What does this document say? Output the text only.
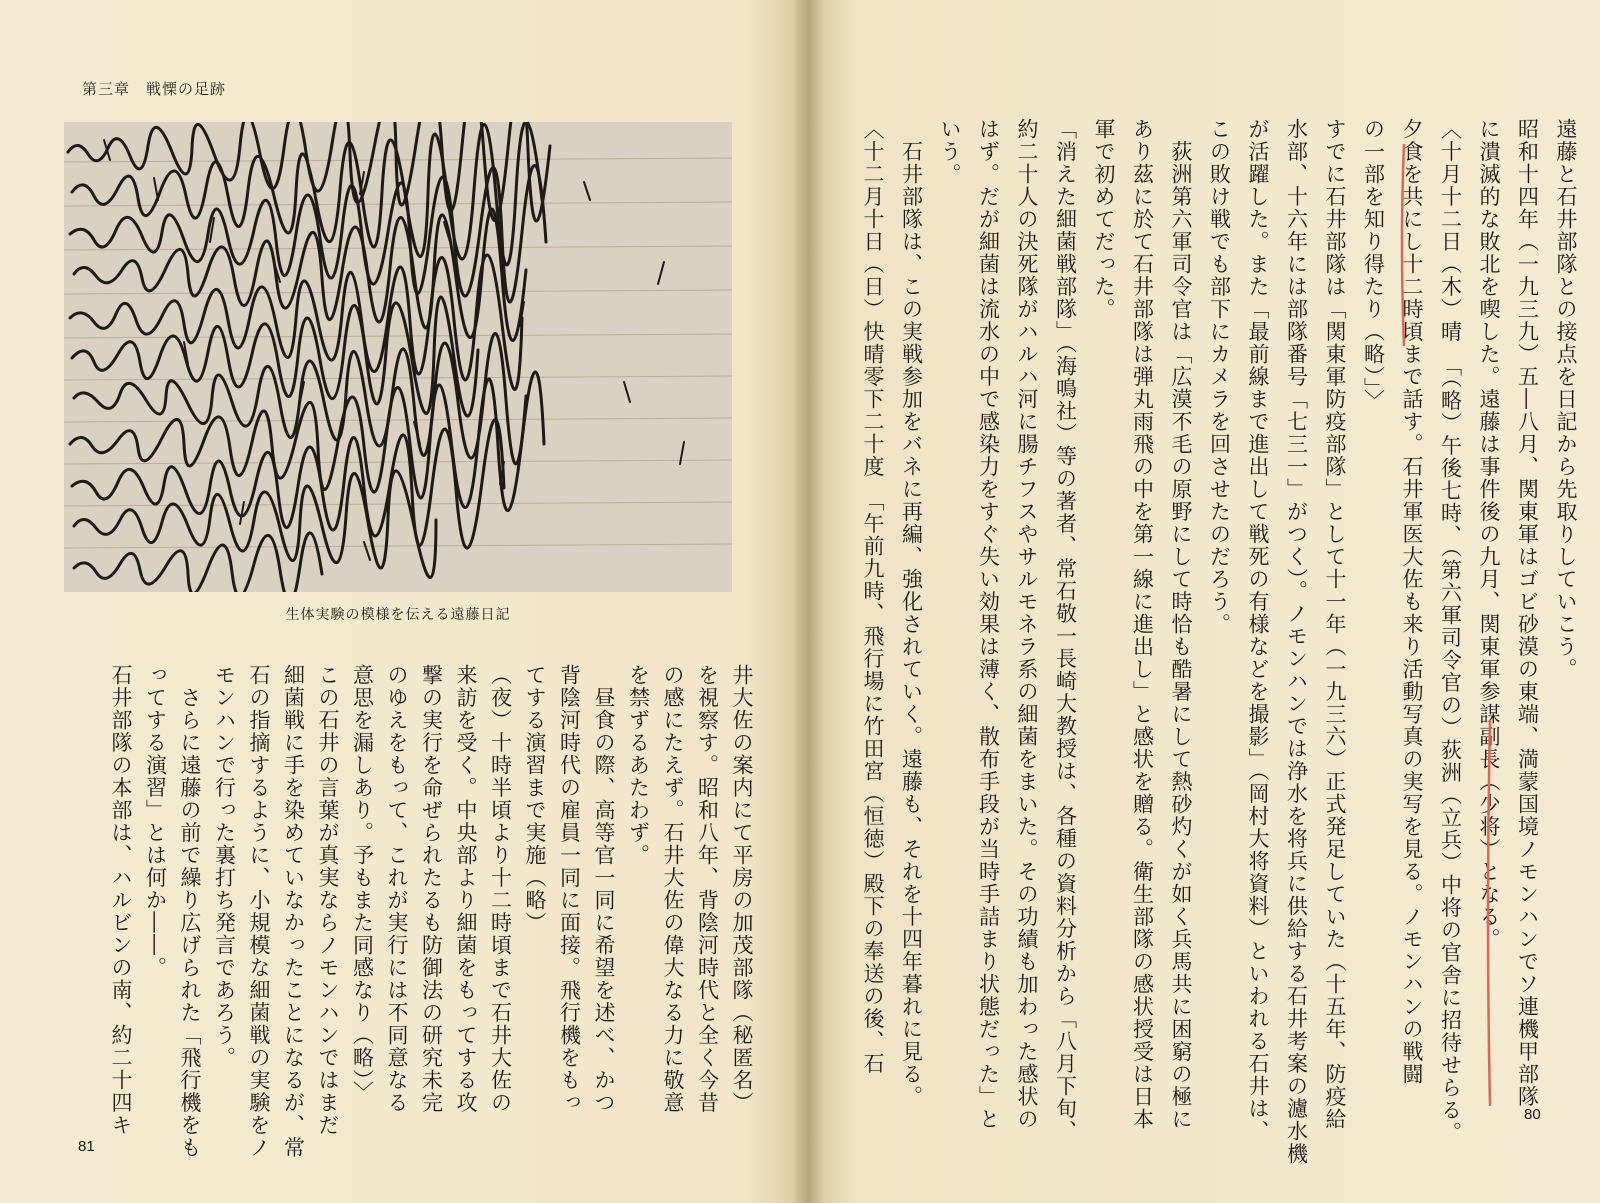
第三章　戦慄の足跡
生体実験の模様を伝える遠藤日記
井大佐の案内にて平房の加茂部隊（秘匿名）
を視察す。昭和八年、背陰河時代と全く今昔
の感にたえず。石井大佐の偉大なる力に敬意
を禁ずるあたわず。
　昼食の際、高等官一同に希望を述べ、かつ
背陰河時代の雇員一同に面接。飛行機をもっ
てする演習まで実施（略）
（夜）十時半頃より十二時頃まで石井大佐の
来訪を受く。中央部より細菌をもってする攻
撃の実行を命ぜられたるも防御法の研究未完
のゆえをもって、これが実行には不同意なる
意思を漏しあり。予もまた同感なり（略）〉
この石井の言葉が真実ならノモンハンではまだ
細菌戦に手を染めていなかったことになるが、常
石の指摘するように、小規模な細菌戦の実験をノ
モンハンで行った裏打ち発言であろう。
　さらに遠藤の前で繰り広げられた「飛行機をも
ってする演習」とは何か――。
石井部隊の本部は、ハルビンの南、約二十四キ
81
遠藤と石井部隊との接点を日記から先取りしていこう。
昭和十四年（一九三九）五―八月、関東軍はゴビ砂漠の東端、満蒙国境ノモンハンでソ連機甲部隊
に潰滅的な敗北を喫した。遠藤は事件後の九月、関東軍参謀副長（少将）となる。
〈十月十二日（木）晴　「（略）午後七時、（第六軍司令官の）荻洲（立兵）中将の官舎に招待せらる。
夕食を共にし十二時頃まで話す。石井軍医大佐も来り活動写真の実写を見る。ノモンハンの戦闘
の一部を知り得たり（略）」〉
すでに石井部隊は「関東軍防疫部隊」として十一年（一九三六）正式発足していた（十五年、防疫給
水部、十六年には部隊番号「七三一」がつく）。ノモンハンでは浄水を将兵に供給する石井考案の濾水機
が活躍した。また「最前線まで進出して戦死の有様などを撮影」（岡村大将資料）といわれる石井は、
この敗け戦でも部下にカメラを回させたのだろう。
　荻洲第六軍司令官は「広漠不毛の原野にして時恰も酷暑にして熱砂灼くが如く兵馬共に困窮の極に
あり茲に於て石井部隊は弾丸雨飛の中を第一線に進出し」と感状を贈る。衛生部隊の感状授受は日本
軍で初めてだった。
「消えた細菌戦部隊」（海鳴社）等の著者、常石敬一長崎大教授は、各種の資料分析から「八月下旬、
約二十人の決死隊がハルハ河に腸チフスやサルモネラ系の細菌をまいた。その功績も加わった感状の
はず。だが細菌は流水の中で感染力をすぐ失い効果は薄く、散布手段が当時手詰まり状態だった」と
いう。
　石井部隊は、この実戦参加をバネに再編、強化されていく。遠藤も、それを十四年暮れに見る。
〈十二月十日（日）快晴零下二十度　「午前九時、飛行場に竹田宮（恒徳）殿下の奉送の後、石
80
